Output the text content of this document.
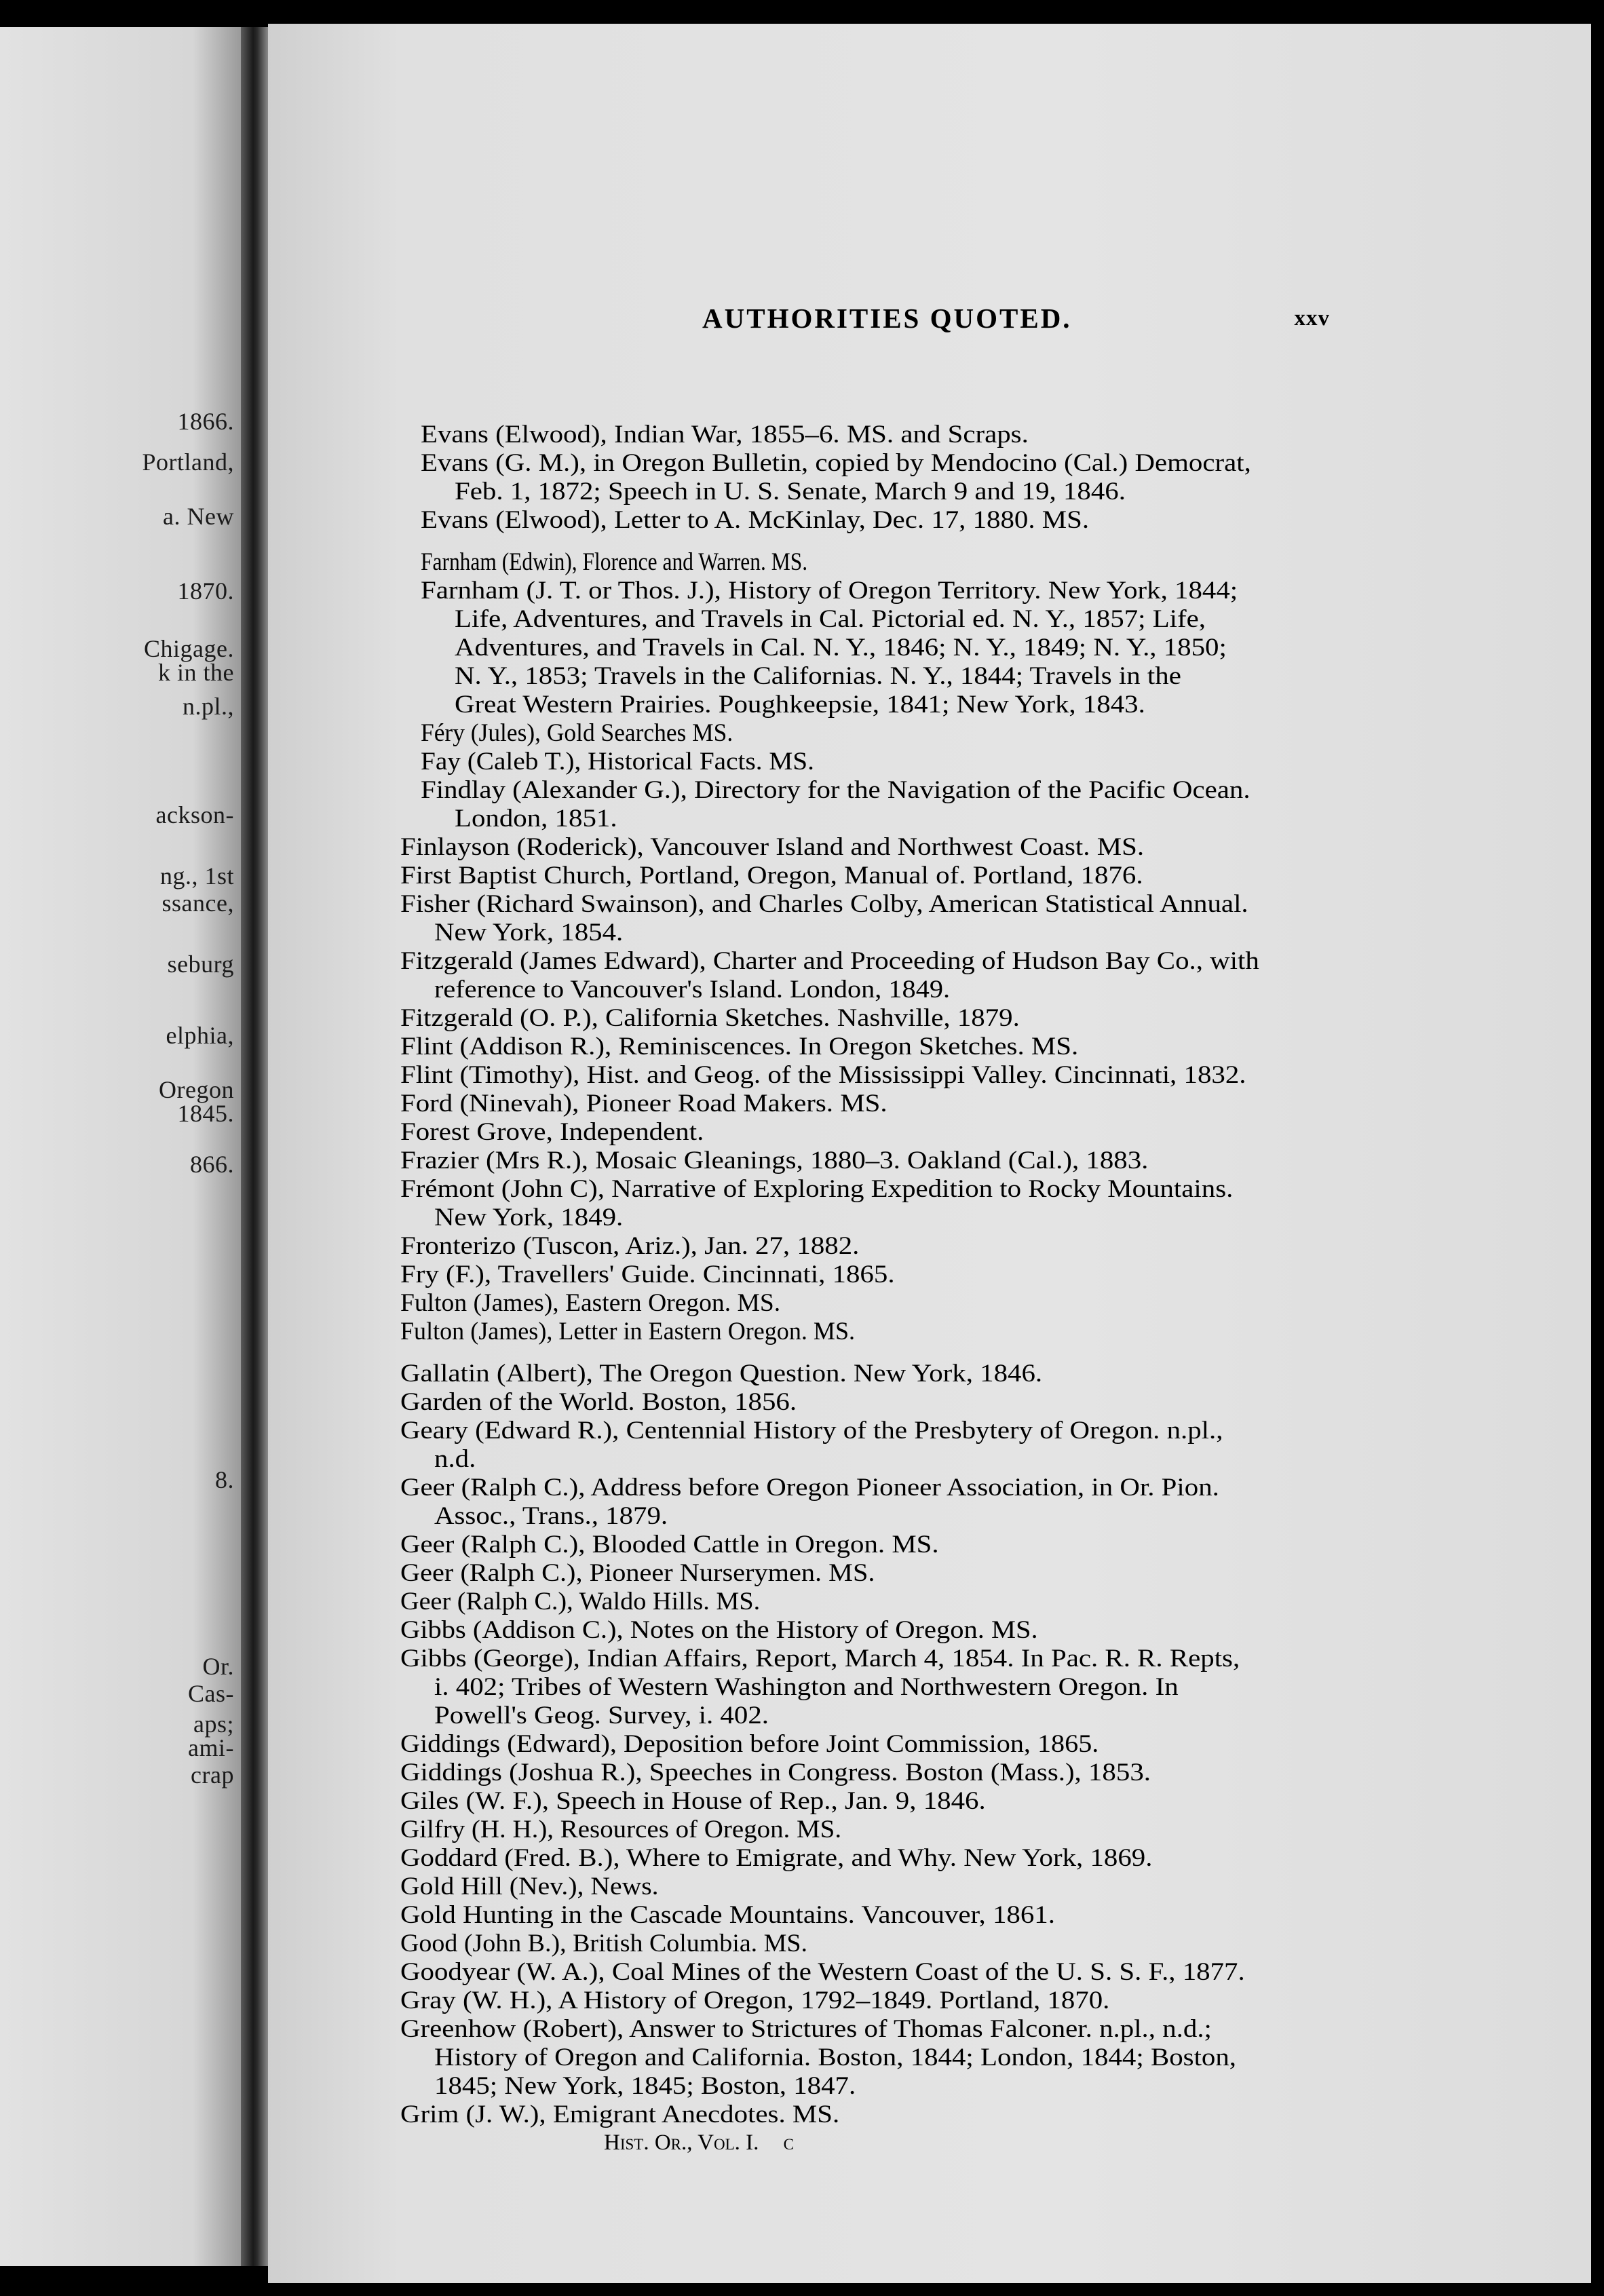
1866.
Portland,
a. New
1870.
Chigage.
k in the
n.pl.,
ackson-
ng., 1st
ssance,
seburg
elphia,
Oregon
1845.
866.
8.
Or.
Cas-
aps;
ami-
crap
AUTHORITIES QUOTED.	xxv
Evans (Elwood), Indian War, 1855–6. MS. and Scraps.
Evans (G. M.), in Oregon Bulletin, copied by Mendocino (Cal.) Democrat,
Feb. 1, 1872; Speech in U. S. Senate, March 9 and 19, 1846.
Evans (Elwood), Letter to A. McKinlay, Dec. 17, 1880. MS.
Farnham (Edwin), Florence and Warren. MS.
Farnham (J. T. or Thos. J.), History of Oregon Territory. New York, 1844;
Life, Adventures, and Travels in Cal. Pictorial ed. N. Y., 1857; Life,
Adventures, and Travels in Cal. N. Y., 1846; N. Y., 1849; N. Y., 1850;
N. Y., 1853; Travels in the Californias. N. Y., 1844; Travels in the
Great Western Prairies. Poughkeepsie, 1841; New York, 1843.
Féry (Jules), Gold Searches MS.
Fay (Caleb T.), Historical Facts. MS.
Findlay (Alexander G.), Directory for the Navigation of the Pacific Ocean.
London, 1851.
Finlayson (Roderick), Vancouver Island and Northwest Coast. MS.
First Baptist Church, Portland, Oregon, Manual of. Portland, 1876.
Fisher (Richard Swainson), and Charles Colby, American Statistical Annual.
New York, 1854.
Fitzgerald (James Edward), Charter and Proceeding of Hudson Bay Co., with
reference to Vancouver's Island. London, 1849.
Fitzgerald (O. P.), California Sketches. Nashville, 1879.
Flint (Addison R.), Reminiscences. In Oregon Sketches. MS.
Flint (Timothy), Hist. and Geog. of the Mississippi Valley. Cincinnati, 1832.
Ford (Ninevah), Pioneer Road Makers. MS.
Forest Grove, Independent.
Frazier (Mrs R.), Mosaic Gleanings, 1880–3. Oakland (Cal.), 1883.
Frémont (John C), Narrative of Exploring Expedition to Rocky Mountains.
New York, 1849.
Fronterizo (Tuscon, Ariz.), Jan. 27, 1882.
Fry (F.), Travellers' Guide. Cincinnati, 1865.
Fulton (James), Eastern Oregon. MS.
Fulton (James), Letter in Eastern Oregon. MS.
Gallatin (Albert), The Oregon Question. New York, 1846.
Garden of the World. Boston, 1856.
Geary (Edward R.), Centennial History of the Presbytery of Oregon. n.pl.,
n.d.
Geer (Ralph C.), Address before Oregon Pioneer Association, in Or. Pion.
Assoc., Trans., 1879.
Geer (Ralph C.), Blooded Cattle in Oregon. MS.
Geer (Ralph C.), Pioneer Nurserymen. MS.
Geer (Ralph C.), Waldo Hills. MS.
Gibbs (Addison C.), Notes on the History of Oregon. MS.
Gibbs (George), Indian Affairs, Report, March 4, 1854. In Pac. R. R. Repts,
i. 402; Tribes of Western Washington and Northwestern Oregon. In
Powell's Geog. Survey, i. 402.
Giddings (Edward), Deposition before Joint Commission, 1865.
Giddings (Joshua R.), Speeches in Congress. Boston (Mass.), 1853.
Giles (W. F.), Speech in House of Rep., Jan. 9, 1846.
Gilfry (H. H.), Resources of Oregon. MS.
Goddard (Fred. B.), Where to Emigrate, and Why. New York, 1869.
Gold Hill (Nev.), News.
Gold Hunting in the Cascade Mountains. Vancouver, 1861.
Good (John B.), British Columbia. MS.
Goodyear (W. A.), Coal Mines of the Western Coast of the U. S. S. F., 1877.
Gray (W. H.), A History of Oregon, 1792–1849. Portland, 1870.
Greenhow (Robert), Answer to Strictures of Thomas Falconer. n.pl., n.d.;
History of Oregon and California. Boston, 1844; London, 1844; Boston,
1845; New York, 1845; Boston, 1847.
Grim (J. W.), Emigrant Anecdotes. MS.
Hist. Or., Vol. I. c
